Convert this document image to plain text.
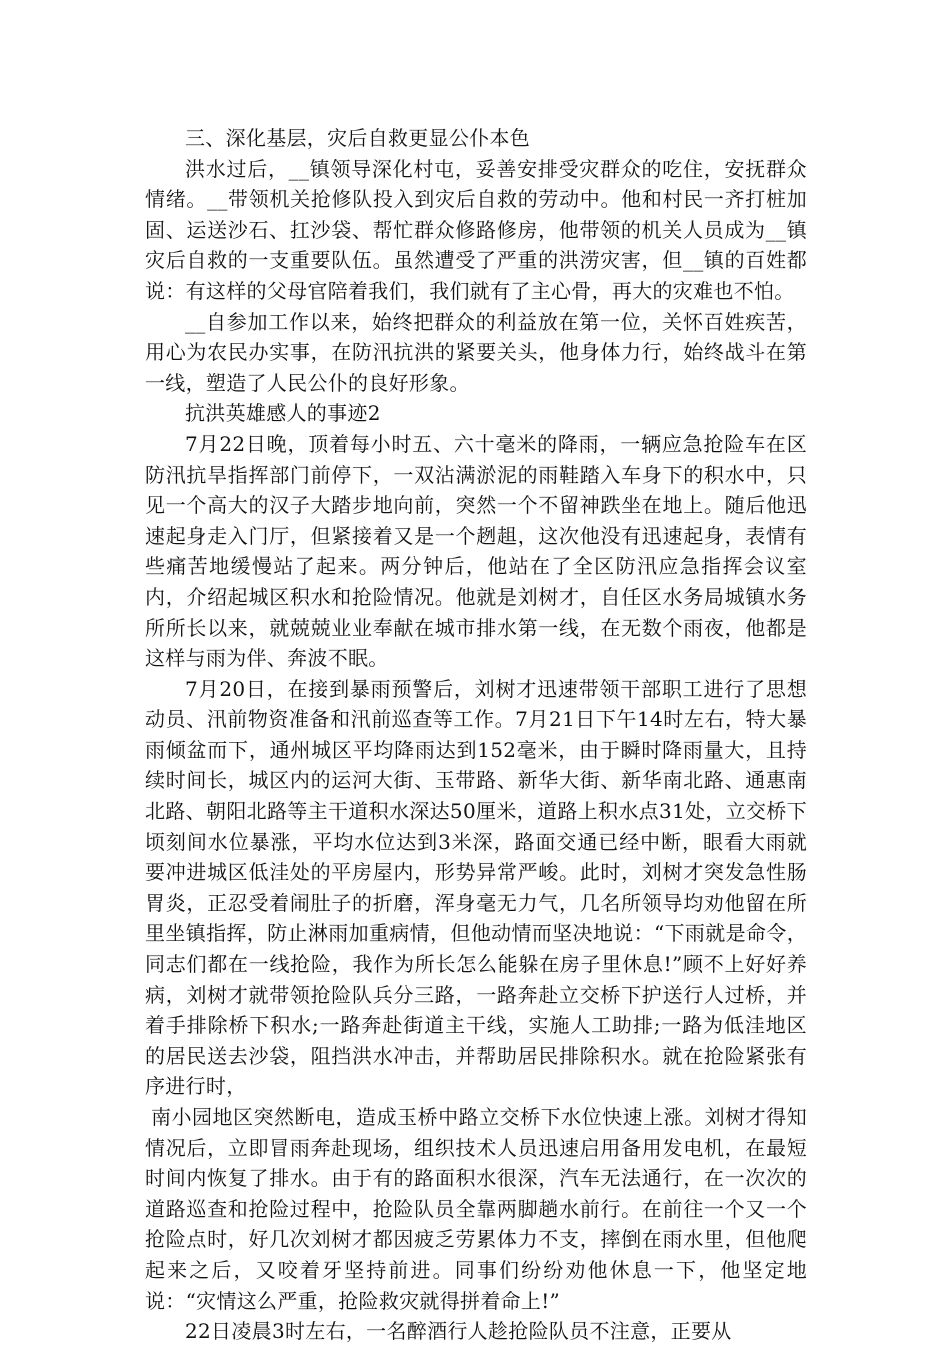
三、深化基层，灾后自救更显公仆本色

洪水过后，__镇领导深化村屯，妥善安排受灾群众的吃住，安抚群众情绪。__带领机关抢修队投入到灾后自救的劳动中。他和村民一齐打桩加固、运送沙石、扛沙袋、帮忙群众修路修房，他带领的机关人员成为__镇灾后自救的一支重要队伍。虽然遭受了严重的洪涝灾害，但__镇的百姓都说：有这样的父母官陪着我们，我们就有了主心骨，再大的灾难也不怕。

__自参加工作以来，始终把群众的利益放在第一位，关怀百姓疾苦，用心为农民办实事，在防汛抗洪的紧要关头，他身体力行，始终战斗在第一线，塑造了人民公仆的良好形象。

抗洪英雄感人的事迹2

7月22日晚，顶着每小时五、六十毫米的降雨，一辆应急抢险车在区防汛抗旱指挥部门前停下，一双沾满淤泥的雨鞋踏入车身下的积水中，只见一个高大的汉子大踏步地向前，突然一个不留神跌坐在地上。随后他迅速起身走入门厅，但紧接着又是一个趔趄，这次他没有迅速起身，表情有些痛苦地缓慢站了起来。两分钟后，他站在了全区防汛应急指挥会议室内，介绍起城区积水和抢险情况。他就是刘树才，自任区水务局城镇水务所所长以来，就兢兢业业奉献在城市排水第一线，在无数个雨夜，他都是这样与雨为伴、奔波不眠。

7月20日，在接到暴雨预警后，刘树才迅速带领干部职工进行了思想动员、汛前物资准备和汛前巡查等工作。7月21日下午14时左右，特大暴雨倾盆而下，通州城区平均降雨达到152毫米，由于瞬时降雨量大，且持续时间长，城区内的运河大街、玉带路、新华大街、新华南北路、通惠南北路、朝阳北路等主干道积水深达50厘米，道路上积水点31处，立交桥下顷刻间水位暴涨，平均水位达到3米深，路面交通已经中断，眼看大雨就要冲进城区低洼处的平房屋内，形势异常严峻。此时，刘树才突发急性肠胃炎，正忍受着闹肚子的折磨，浑身毫无力气，几名所领导均劝他留在所里坐镇指挥，防止淋雨加重病情，但他动情而坚决地说：“下雨就是命令，同志们都在一线抢险，我作为所长怎么能躲在房子里休息!”顾不上好好养病，刘树才就带领抢险队兵分三路，一路奔赴立交桥下护送行人过桥，并着手排除桥下积水;一路奔赴街道主干线，实施人工助排;一路为低洼地区的居民送去沙袋，阻挡洪水冲击，并帮助居民排除积水。就在抢险紧张有序进行时，

南小园地区突然断电，造成玉桥中路立交桥下水位快速上涨。刘树才得知情况后，立即冒雨奔赴现场，组织技术人员迅速启用备用发电机，在最短时间内恢复了排水。由于有的路面积水很深，汽车无法通行，在一次次的道路巡查和抢险过程中，抢险队员全靠两脚趟水前行。在前往一个又一个抢险点时，好几次刘树才都因疲乏劳累体力不支，摔倒在雨水里，但他爬起来之后，又咬着牙坚持前进。同事们纷纷劝他休息一下，他坚定地说：“灾情这么严重，抢险救灾就得拼着命上!”

22日凌晨3时左右，一名醉酒行人趁抢险队员不注意，正要从
